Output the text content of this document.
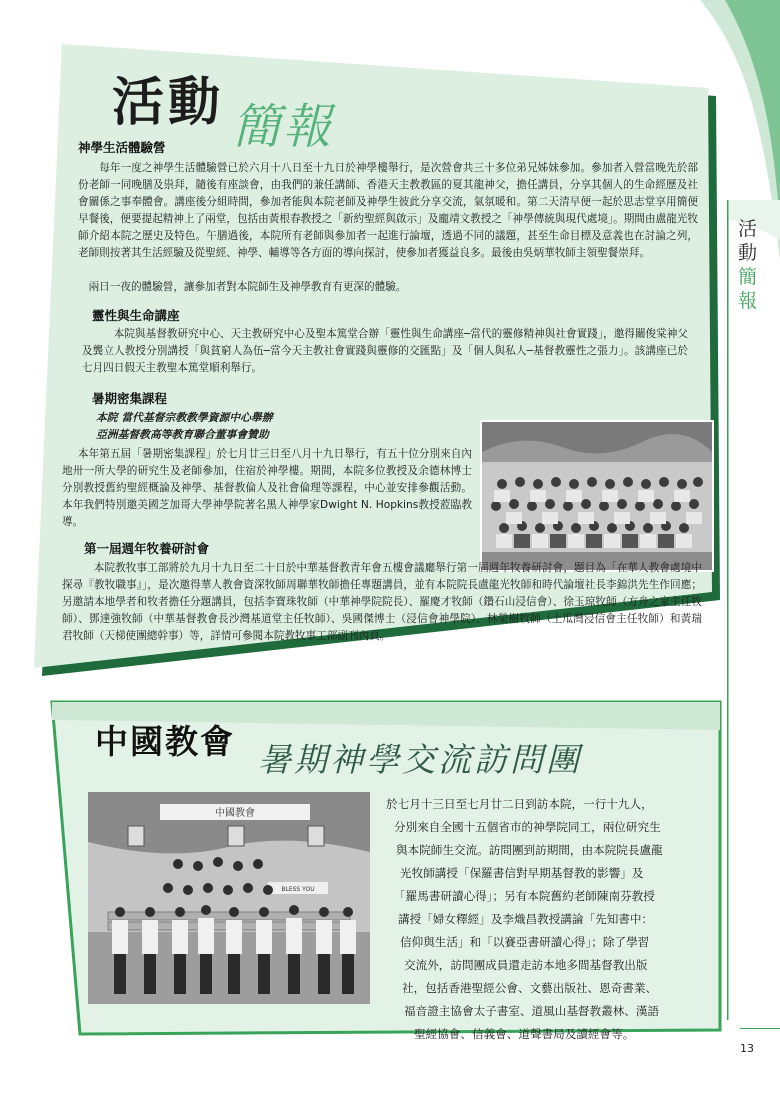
活
動
簡
報
13
活動 簡報
神學生活體驗營
每年一度之神學生活體驗營已於六月十八日至十九日於神學樓舉行，是次營會共三十多位弟兄姊妹參加。參加者入營當晚先於部份老師一同晚膳及祟拜，隨後有座談會，由我們的兼任講師、香港天主教教區的夏其龍神父，擔任講員，分享其個人的生命經歷及社會關係之事奉體會。講座後分組時間，參加者能與本院老師及神學生彼此分享交流，氣氛暖和。第二天清早便一起於思志堂享用簡便早餐後，便要提起精神上了兩堂，包括由黃根春教授之「新約聖經與啟示」及龐靖文教授之「神學傳統與現代處境」。期間由盧龍光牧師介紹本院之歷史及特色。午膳過後，本院所有老師與參加者一起進行論壇，透過不同的議題，甚至生命目標及意義也在討論之列，老師則按著其生活經驗及從聖經、神學、輔導等各方面的導向探討，使參加者獲益良多。最後由吳炳華牧師主領聖餐崇拜。
兩日一夜的體驗營，讓參加者對本院師生及神學教育有更深的體驗。
靈性與生命講座
本院與基督教研究中心、天主教研究中心及聖本篤堂合辦「靈性與生命講座─當代的靈修精神與社會實踐」，邀得關俊棠神父及龔立人教授分別講授「與貧窮人為伍─當今天主教社會實踐與靈修的交匯點」及「個人與私人─基督教靈性之張力」。該講座已於七月四日假天主教聖本篤堂順利舉行。
暑期密集課程
本院 當代基督宗教教學資源中心舉辦
亞洲基督教高等教育聯合董事會贊助
本年第五屆「暑期密集課程」於七月廿三日至八月十九日舉行，有五十位分別來自內地卅一所大學的研究生及老師參加，住宿於神學樓。期間，本院多位教授及余德林博士分別教授舊約聖經概論及神學、基督教倫人及社會倫理等課程，中心並安排參觀活動。本年我們特別邀美國芝加哥大學神學院著名黑人神學家Dwight N. Hopkins教授蒞臨教導。
第一屆週年牧養研討會
本院教牧事工部將於九月十九日至二十日於中華基督教青年會五樓會議廳舉行第一屆週年牧養研討會，題目為「在華人教會處境中探尋『教牧職事』」，是次邀得華人教會資深牧師周聯華牧師擔任專題講員，並有本院院長盧龍光牧師和時代論壇社長李錦洪先生作回應；另邀請本地學者和牧者擔任分題講員，包括李寶珠牧師（中華神學院院長）、羅慶才牧師（鑽石山浸信會）、徐玉琼牧師（方舟之家主任牧師）、鄧達強牧師（中華基督教會長沙灣基道堂主任牧師）、吳國傑博士（浸信會神學院）、林榮樹牧師（土瓜灣浸信會主任牧師）和黃瑞君牧師（天梯使團總幹事）等，詳情可參閱本院教牧事工部副刊內頁。
中國教會 暑期神學交流訪問團
中國教會
BLESS YOU
於七月十三日至七月廿二日到訪本院，一行十九人，
分別來自全國十五個省市的神學院同工，兩位研究生
與本院師生交流。訪問團到訪期間，由本院院長盧龍
光牧師講授「保羅書信對早期基督教的影響」及
「羅馬書研讀心得」；另有本院舊約老師陳南芬教授
講授「婦女釋經」及李熾昌教授講論「先知書中：
信仰與生活」和「以賽亞書研讀心得」；除了學習
交流外，訪問團成員還走訪本地多間基督教出版
社，包括香港聖經公會、文藝出版社、恩奇書業、
福音證主協會太子書室、道風山基督教叢林、漢語
聖經協會、信義會、道聲書局及讀經會等。
